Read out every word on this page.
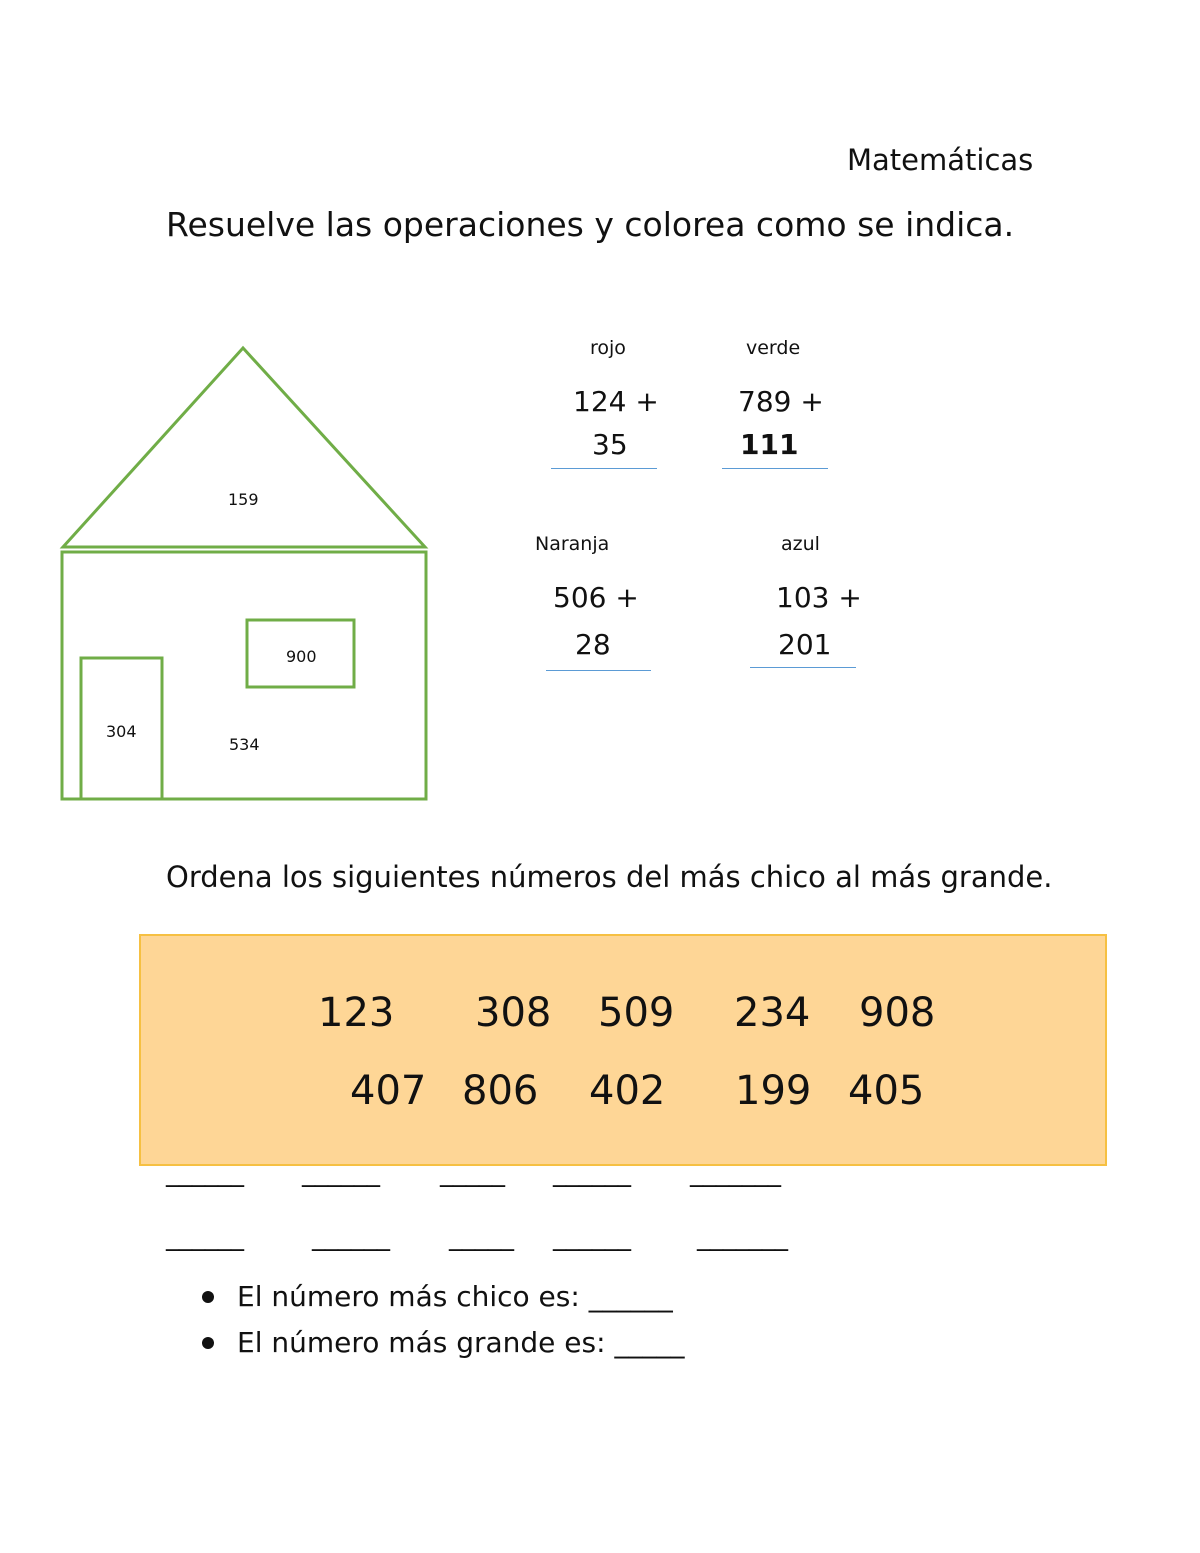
Matemáticas
Resuelve las operaciones y colorea como se indica.
159
900
304
534
rojo
124 +
35
verde
789 +
111
Naranja
506 +
28
azul
103 +
201
Ordena los siguientes números del más chico al más grande.
123 308 509 234 908
407 806 402 199 405
______ ______ _____ ______ _______
______	______ _____ ______	_______
El número más chico es: ______
El número más grande es: _____
